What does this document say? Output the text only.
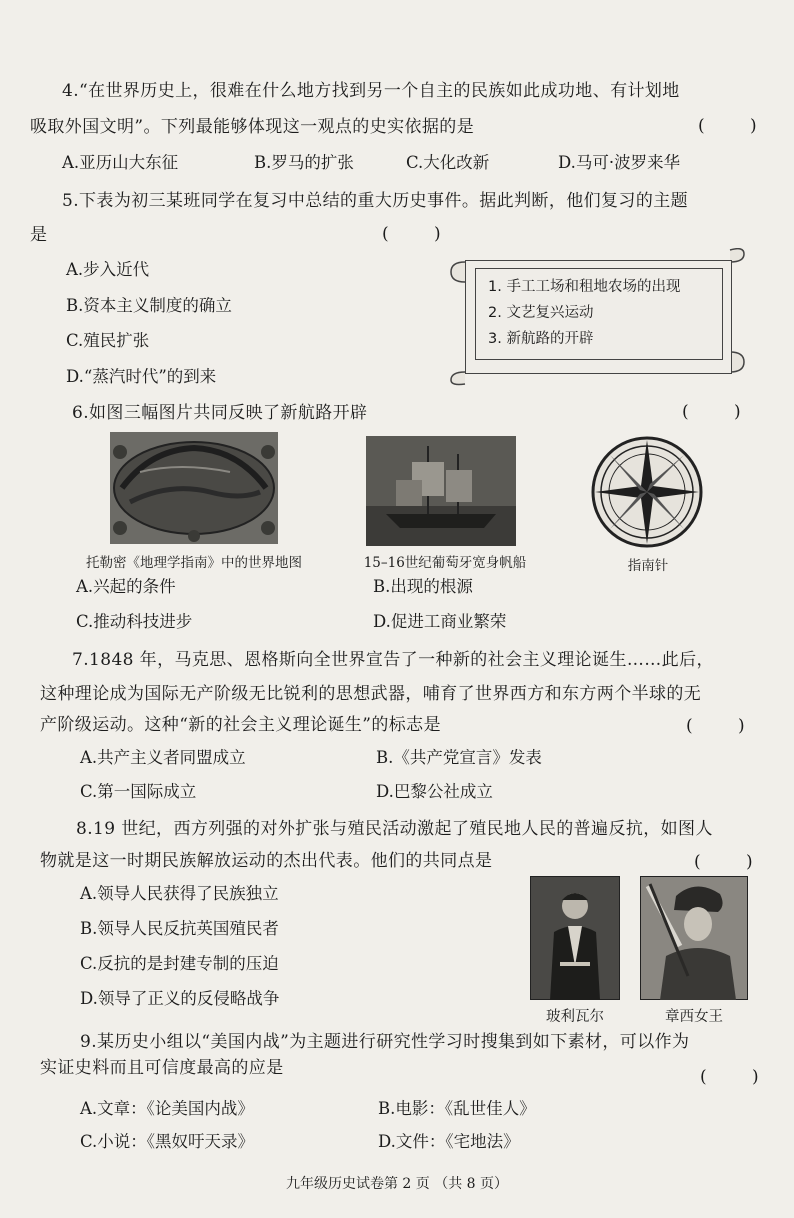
4.“在世界历史上，很难在什么地方找到另一个自主的民族如此成功地、有计划地
吸取外国文明”。下列最能够体现这一观点的史实依据的是	( )
A.亚历山大东征	B.罗马的扩张	C.大化改新	D.马可·波罗来华
5.下表为初三某班同学在复习中总结的重大历史事件。据此判断，他们复习的主题
是	( )
A.步入近代
B.资本主义制度的确立
C.殖民扩张
D.“蒸汽时代”的到来
1. 手工工场和租地农场的出现
2. 文艺复兴运动
3. 新航路的开辟
6.如图三幅图片共同反映了新航路开辟	( )
托勒密《地理学指南》中的世界地图	15–16世纪葡萄牙宽身帆船	指南针
A.兴起的条件	B.出现的根源
C.推动科技进步	D.促进工商业繁荣
7.1848 年，马克思、恩格斯向全世界宣告了一种新的社会主义理论诞生……此后，
这种理论成为国际无产阶级无比锐利的思想武器，哺育了世界西方和东方两个半球的无
产阶级运动。这种“新的社会主义理论诞生”的标志是	( )
A.共产主义者同盟成立	B.《共产党宣言》发表
C.第一国际成立	D.巴黎公社成立
8.19 世纪，西方列强的对外扩张与殖民活动激起了殖民地人民的普遍反抗，如图人
物就是这一时期民族解放运动的杰出代表。他们的共同点是	( )
A.领导人民获得了民族独立
B.领导人民反抗英国殖民者
C.反抗的是封建专制的压迫
D.领导了正义的反侵略战争
玻利瓦尔	章西女王
9.某历史小组以“美国内战”为主题进行研究性学习时搜集到如下素材，可以作为
实证史料而且可信度最高的应是	( )
A.文章：《论美国内战》	B.电影：《乱世佳人》
C.小说：《黑奴吁天录》	D.文件：《宅地法》
九年级历史试卷第 2 页 （共 8 页）
